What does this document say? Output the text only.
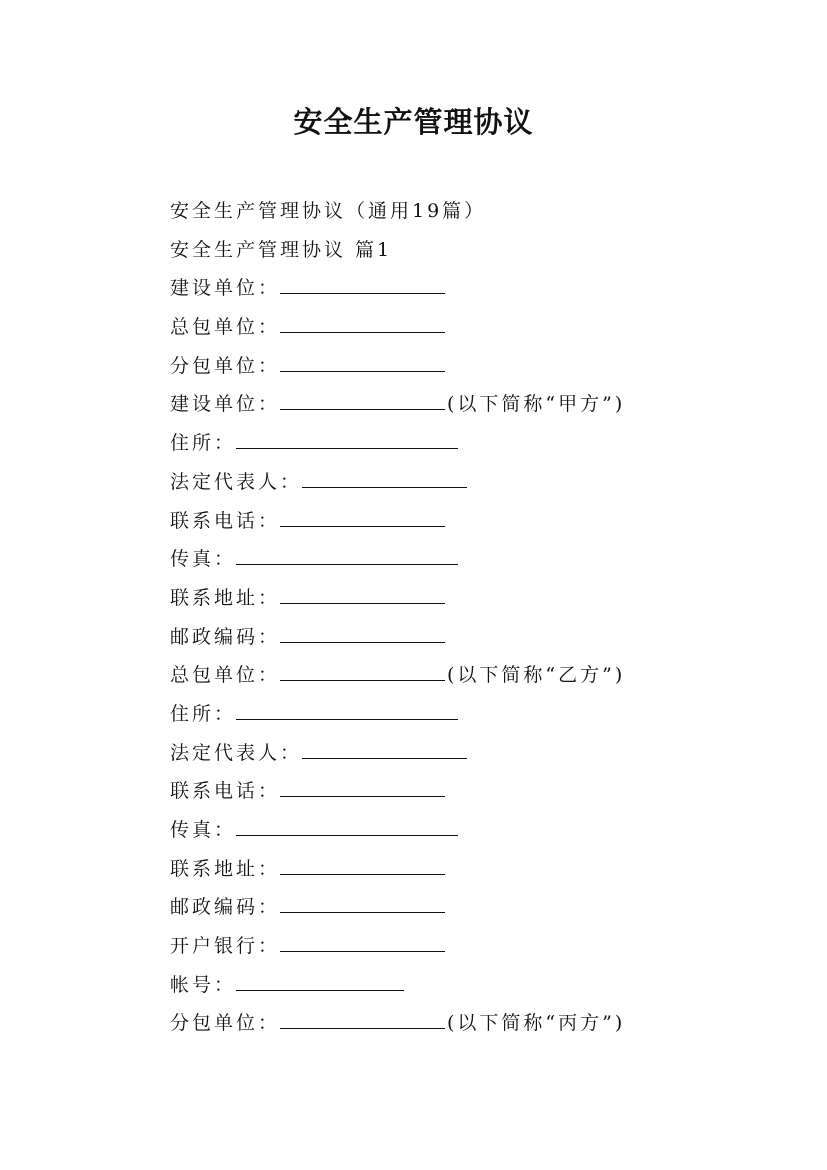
安全生产管理协议
安全生产管理协议（通用19篇）
安全生产管理协议 篇1
建设单位：
总包单位：
分包单位：
建设单位：	(以下简称“甲方”)
住所：
法定代表人：
联系电话：
传真：
联系地址：
邮政编码：
总包单位：	(以下简称“乙方”)
住所：
法定代表人：
联系电话：
传真：
联系地址：
邮政编码：
开户银行：
帐号：
分包单位：	(以下简称“丙方”)
